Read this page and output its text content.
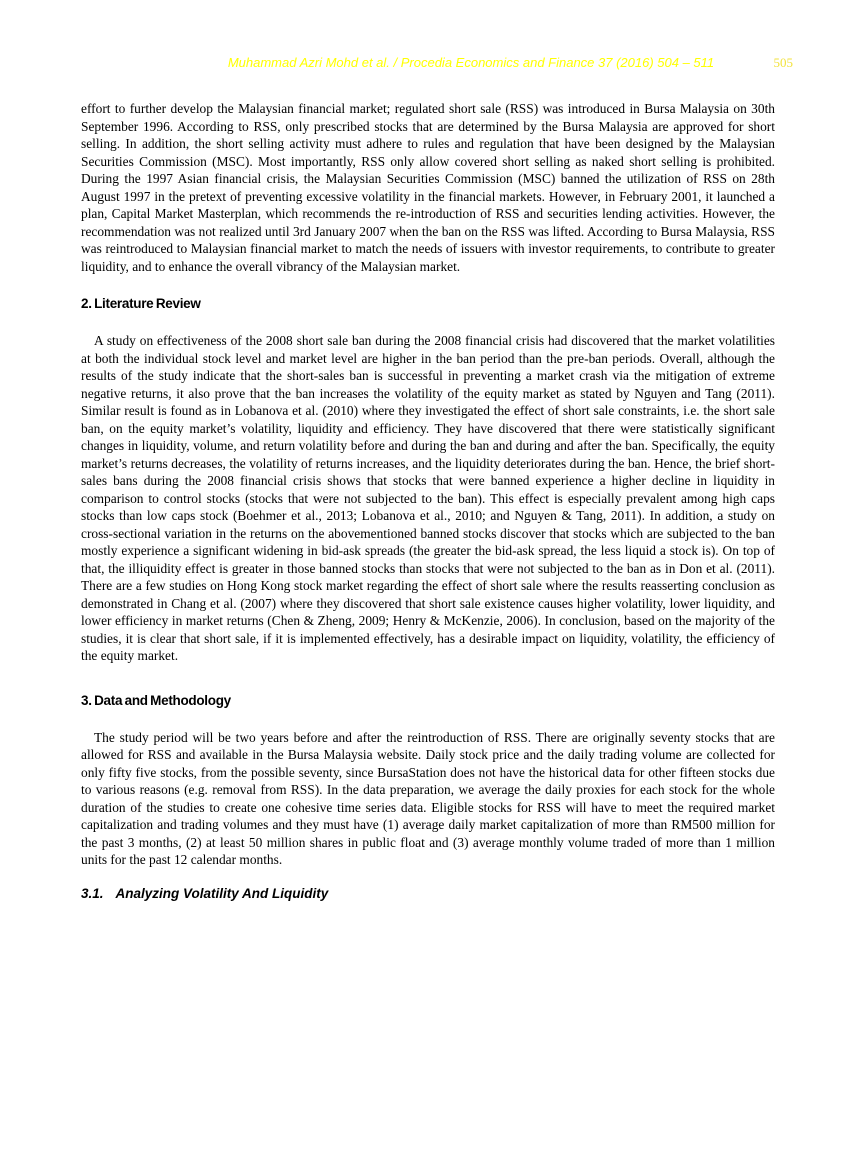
Muhammad Azri Mohd et al. / Procedia Economics and Finance 37 (2016) 504 – 511	505

effort to further develop the Malaysian financial market; regulated short sale (RSS) was introduced in Bursa Malaysia on 30th September 1996. According to RSS, only prescribed stocks that are determined by the Bursa Malaysia are approved for short selling. In addition, the short selling activity must adhere to rules and regulation that have been designed by the Malaysian Securities Commission (MSC). Most importantly, RSS only allow covered short selling as naked short selling is prohibited. During the 1997 Asian financial crisis, the Malaysian Securities Commission (MSC) banned the utilization of RSS on 28th August 1997 in the pretext of preventing excessive volatility in the financial markets. However, in February 2001, it launched a plan, Capital Market Masterplan, which recommends the re-introduction of RSS and securities lending activities. However, the recommendation was not realized until 3rd January 2007 when the ban on the RSS was lifted. According to Bursa Malaysia, RSS was reintroduced to Malaysian financial market to match the needs of issuers with investor requirements, to contribute to greater liquidity, and to enhance the overall vibrancy of the Malaysian market.

2. Literature Review

A study on effectiveness of the 2008 short sale ban during the 2008 financial crisis had discovered that the market volatilities at both the individual stock level and market level are higher in the ban period than the pre-ban periods. Overall, although the results of the study indicate that the short-sales ban is successful in preventing a market crash via the mitigation of extreme negative returns, it also prove that the ban increases the volatility of the equity market as stated by Nguyen and Tang (2011). Similar result is found as in Lobanova et al. (2010) where they investigated the effect of short sale constraints, i.e. the short sale ban, on the equity market’s volatility, liquidity and efficiency. They have discovered that there were statistically significant changes in liquidity, volume, and return volatility before and during the ban and during and after the ban. Specifically, the equity market’s returns decreases, the volatility of returns increases, and the liquidity deteriorates during the ban. Hence, the brief short-sales bans during the 2008 financial crisis shows that stocks that were banned experience a higher decline in liquidity in comparison to control stocks (stocks that were not subjected to the ban). This effect is especially prevalent among high caps stocks than low caps stock (Boehmer et al., 2013; Lobanova et al., 2010; and Nguyen & Tang, 2011). In addition, a study on cross-sectional variation in the returns on the abovementioned banned stocks discover that stocks which are subjected to the ban mostly experience a significant widening in bid-ask spreads (the greater the bid-ask spread, the less liquid a stock is). On top of that, the illiquidity effect is greater in those banned stocks than stocks that were not subjected to the ban as in Don et al. (2011). There are a few studies on Hong Kong stock market regarding the effect of short sale where the results reasserting conclusion as demonstrated in Chang et al. (2007) where they discovered that short sale existence causes higher volatility, lower liquidity, and lower efficiency in market returns (Chen & Zheng, 2009; Henry & McKenzie, 2006). In conclusion, based on the majority of the studies, it is clear that short sale, if it is implemented effectively, has a desirable impact on liquidity, volatility, the efficiency of the equity market.

3. Data and Methodology

The study period will be two years before and after the reintroduction of RSS. There are originally seventy stocks that are allowed for RSS and available in the Bursa Malaysia website. Daily stock price and the daily trading volume are collected for only fifty five stocks, from the possible seventy, since BursaStation does not have the historical data for other fifteen stocks due to various reasons (e.g. removal from RSS). In the data preparation, we average the daily proxies for each stock for the whole duration of the studies to create one cohesive time series data. Eligible stocks for RSS will have to meet the required market capitalization and trading volumes and they must have (1) average daily market capitalization of more than RM500 million for the past 3 months, (2) at least 50 million shares in public float and (3) average monthly volume traded of more than 1 million units for the past 12 calendar months.

3.1. Analyzing Volatility And Liquidity
